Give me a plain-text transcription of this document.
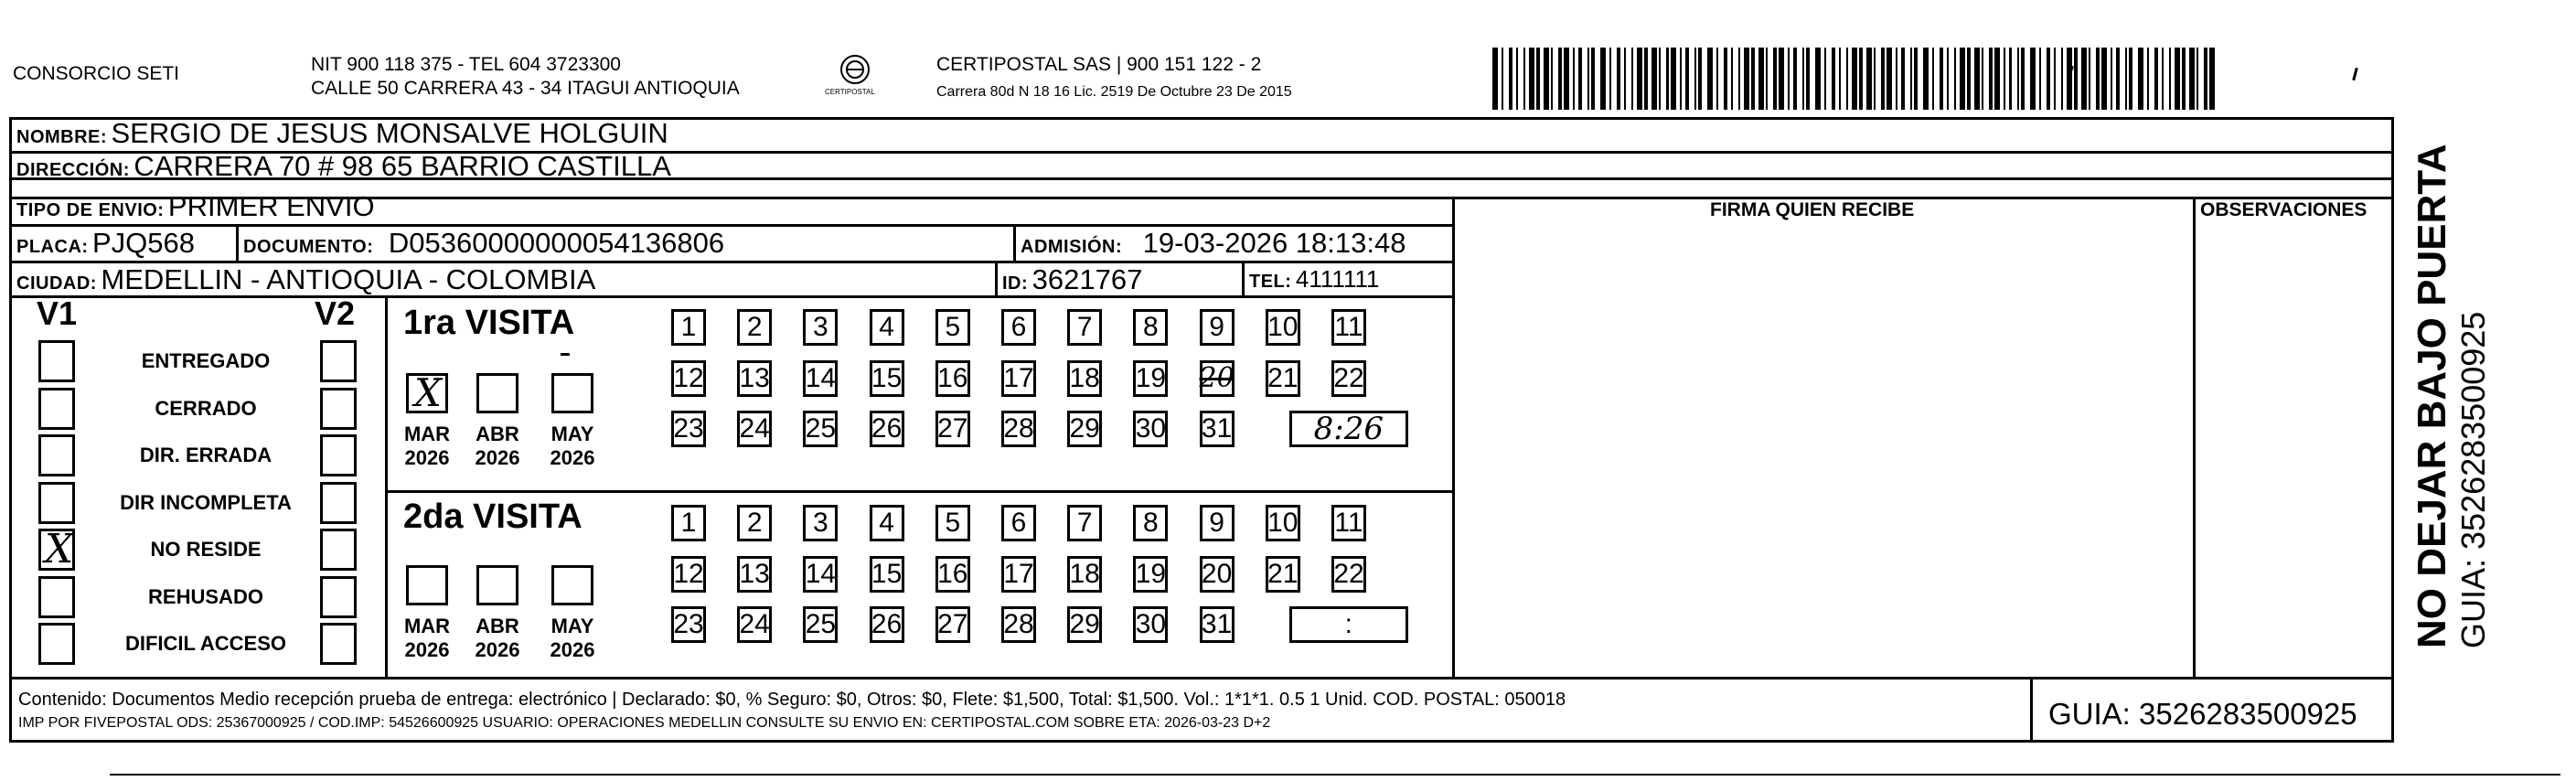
CONSORCIO SETI	NIT 900 118 375 - TEL 604 3723300
CALLE 50 CARRERA 43 - 34 ITAGUI ANTIOQUIA	CERTIPOSTAL
CERTIPOSTAL SAS | 900 151 122 - 2
Carrera 80d N 18 16 Lic. 2519 De Octubre 23 De 2015
NOMBRE: SERGIO DE JESUS MONSALVE HOLGUIN
DIRECCIÓN: CARRERA 70 # 98 65 BARRIO CASTILLA
TIPO DE ENVIO: PRIMER ENVIO
PLACA: PJQ568	DOCUMENTO: D05360000000054136806	ADMISIÓN: 19-03-2026 18:13:48
CIUDAD: MEDELLIN - ANTIOQUIA - COLOMBIA	ID: 3621767	TEL: 4111111
FIRMA QUIEN RECIBE	OBSERVACIONES
V1	V2
ENTREGADO
CERRADO
DIR. ERRADA
DIR INCOMPLETA
X	NO RESIDE
REHUSADO
DIFICIL ACCESO
1ra VISITA
X
MAR
2026
ABR
2026
MAY
2026
1 2 3 4 5 6 7 8 9 10 11
12 13 14 15 16 17 18 19 20 21 22
23 24 25 26 27 28 29 30 31	8:26
2da VISITA
MAR
2026
ABR
2026
MAY
2026
1 2 3 4 5 6 7 8 9 10 11
12 13 14 15 16 17 18 19 20 21 22
23 24 25 26 27 28 29 30 31	:
Contenido: Documentos Medio recepción prueba de entrega: electrónico | Declarado: $0, % Seguro: $0, Otros: $0, Flete: $1,500, Total: $1,500. Vol.: 1*1*1. 0.5 1 Unid. COD. POSTAL: 050018
IMP POR FIVEPOSTAL ODS: 25367000925 / COD.IMP: 54526600925 USUARIO: OPERACIONES MEDELLIN CONSULTE SU ENVIO EN: CERTIPOSTAL.COM SOBRE ETA: 2026-03-23 D+2	GUIA: 3526283500925
NO DEJAR BAJO PUERTA GUIA: 3526283500925
